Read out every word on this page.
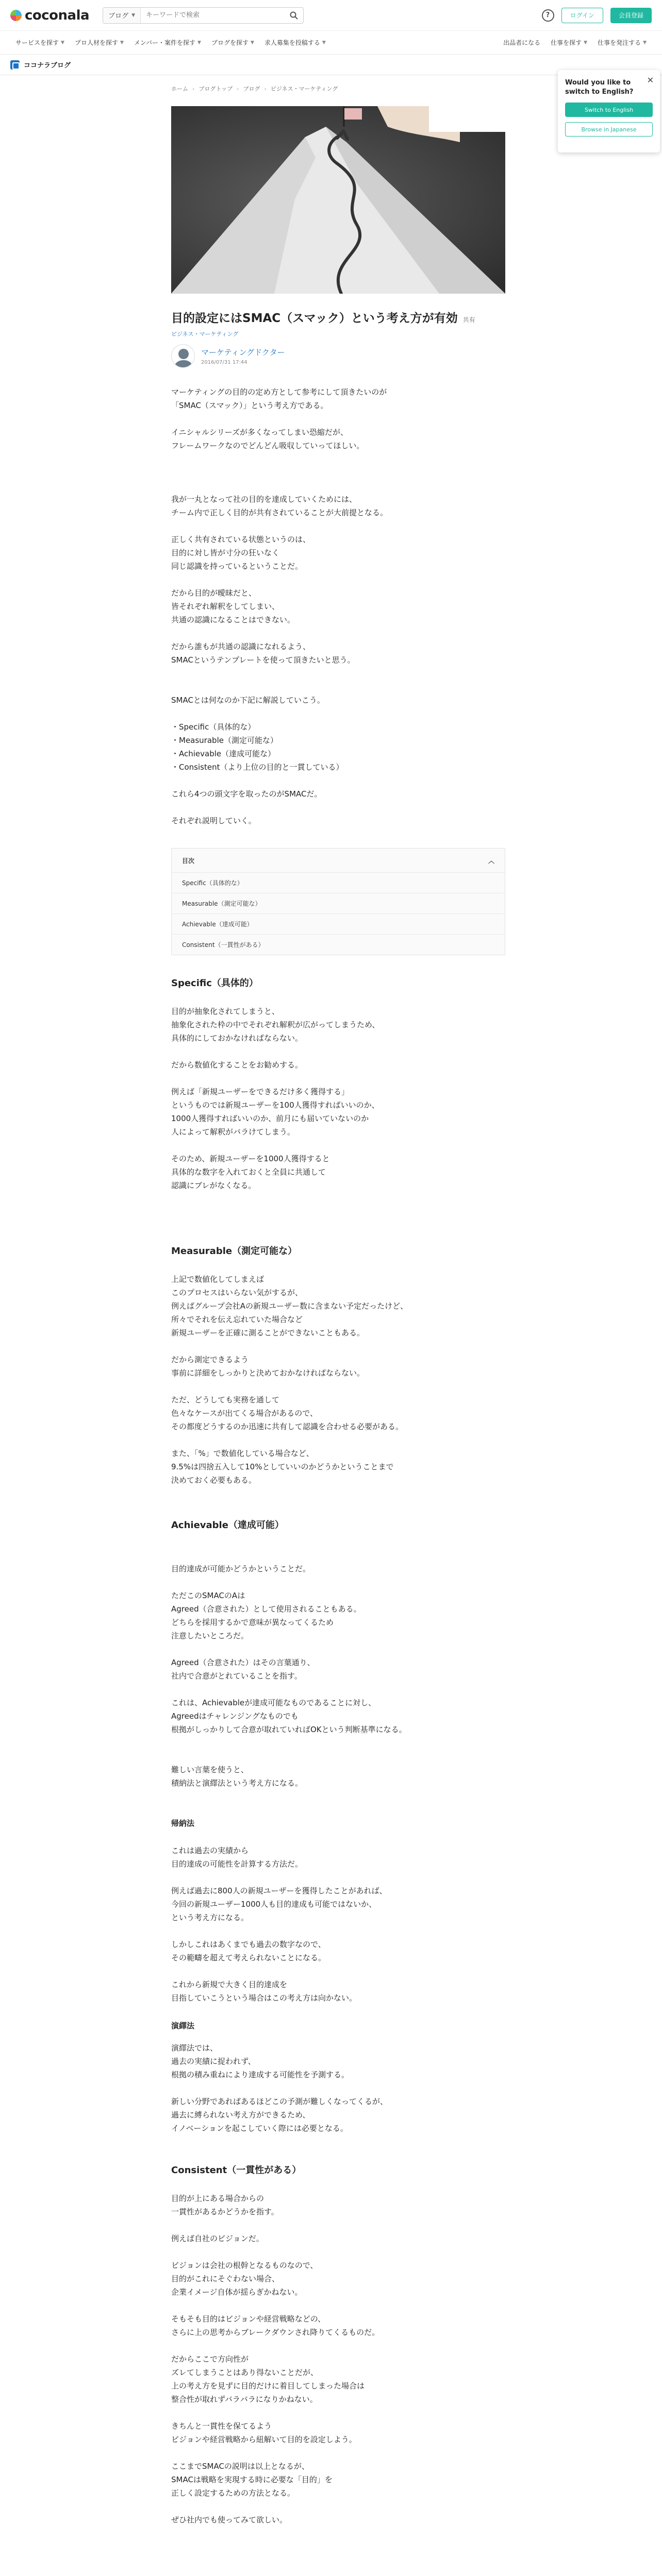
coconala	ブログ ▼
キーワードで検索	?	ログイン	会員登録
サービスを探す ▼ プロ人材を探す ▼ メンバー・案件を探す ▼ ブログを探す ▼ 求人募集を投稿する ▼	出品者になる 仕事を探す ▼ 仕事を発注する ▼
ココナラブログ
ホーム › ブログトップ › ブログ › ビジネス・マーケティング
目的設定にはSMAC（スマック）という考え方が有効 共有
ビジネス・マーケティング
マーケティングドクター
2016/07/31 17:44
マーケティングの目的の定め方として参考にして頂きたいのが
「SMAC（スマック）」という考え方である。
イニシャルシリーズが多くなってしまい恐縮だが、
フレームワークなのでどんどん吸収していってほしい。
我が一丸となって社の目的を達成していくためには、
チーム内で正しく目的が共有されていることが大前提となる。
正しく共有されている状態というのは、
目的に対し皆が寸分の狂いなく
同じ認識を持っているということだ。
だから目的が曖昧だと、
皆それぞれ解釈をしてしまい、
共通の認識になることはできない。
だから誰もが共通の認識になれるよう、
SMACというテンプレートを使って頂きたいと思う。
SMACとは何なのか下記に解説していこう。
・Specific（具体的な）
・Measurable（測定可能な）
・Achievable（達成可能な）
・Consistent（より上位の目的と一貫している）
これら4つの頭文字を取ったのがSMACだ。
それぞれ説明していく。
目次	︿
Specific（具体的な）
Measurable（測定可能な）
Achievable（達成可能）
Consistent（一貫性がある）
Specific（具体的）
目的が抽象化されてしまうと、
抽象化された枠の中でそれぞれ解釈が広がってしまうため、
具体的にしておかなければならない。
だから数値化することをお勧めする。
例えば「新規ユーザーをできるだけ多く獲得する」
というものでは新規ユーザーを100人獲得すればいいのか、
1000人獲得すればいいのか、前月にも届いていないのか
人によって解釈がバラけてしまう。
そのため、新規ユーザーを1000人獲得すると
具体的な数字を入れておくと全員に共通して
認識にブレがなくなる。
Measurable（測定可能な）
上記で数値化してしまえば
このプロセスはいらない気がするが、
例えばグループ会社Aの新規ユーザー数に含まない予定だったけど、
所々でそれを伝え忘れていた場合など
新規ユーザーを正確に測ることができないこともある。
だから測定できるよう
事前に詳細をしっかりと決めておかなければならない。
ただ、どうしても実務を通して
色々なケースが出てくる場合があるので、
その都度どうするのか迅速に共有して認識を合わせる必要がある。
また、「%」で数値化している場合など、
9.5%は四捨五入して10%としていいのかどうかということまで
決めておく必要もある。
Achievable（達成可能）
目的達成が可能かどうかということだ。
ただこのSMACのAは
Agreed（合意された）として使用されることもある。
どちらを採用するかで意味が異なってくるため
注意したいところだ。
Agreed（合意された）はその言葉通り、
社内で合意がとれていることを指す。
これは、Achievableが達成可能なものであることに対し、
Agreedはチャレンジングなものでも
根拠がしっかりして合意が取れていればOKという判断基準になる。
難しい言葉を使うと、
積納法と演繹法という考え方になる。
帰納法
これは過去の実績から
目的達成の可能性を計算する方法だ。
例えば過去に800人の新規ユーザーを獲得したことがあれば、
今回の新規ユーザー1000人も目的達成も可能ではないか、
という考え方になる。
しかしこれはあくまでも過去の数字なので、
その範疇を超えて考えられないことになる。
これから新規で大きく目的達成を
目指していこうという場合はこの考え方は向かない。
演繹法
演繹法では、
過去の実績に捉われず、
根拠の積み重ねにより達成する可能性を予測する。
新しい分野であればあるほどこの予測が難しくなってくるが、
過去に縛られない考え方ができるため、
イノベーションを起こしていく際には必要となる。
Consistent（一貫性がある）
目的が上にある場合からの
一貫性があるかどうかを指す。
例えば自社のビジョンだ。
ビジョンは会社の根幹となるものなので、
目的がこれにそぐわない場合、
企業イメージ自体が揺らぎかねない。
そもそも目的はビジョンや経営戦略などの、
さらに上の思考からブレークダウンされ降りてくるものだ。
だからここで方向性が
ズレてしまうことはあり得ないことだが、
上の考え方を見ずに目的だけに着目してしまった場合は
整合性が取れずバラバラになりかねない。
きちんと一貫性を保てるよう
ビジョンや経営戦略から紐解いて目的を設定しよう。
ここまでSMACの説明は以上となるが、
SMACは戦略を実現する時に必要な「目的」を
正しく設定するための方法となる。
ぜひ社内でも使ってみて欲しい。
✕
Would you like to switch to English?
Switch to English
Browse in Japanese
